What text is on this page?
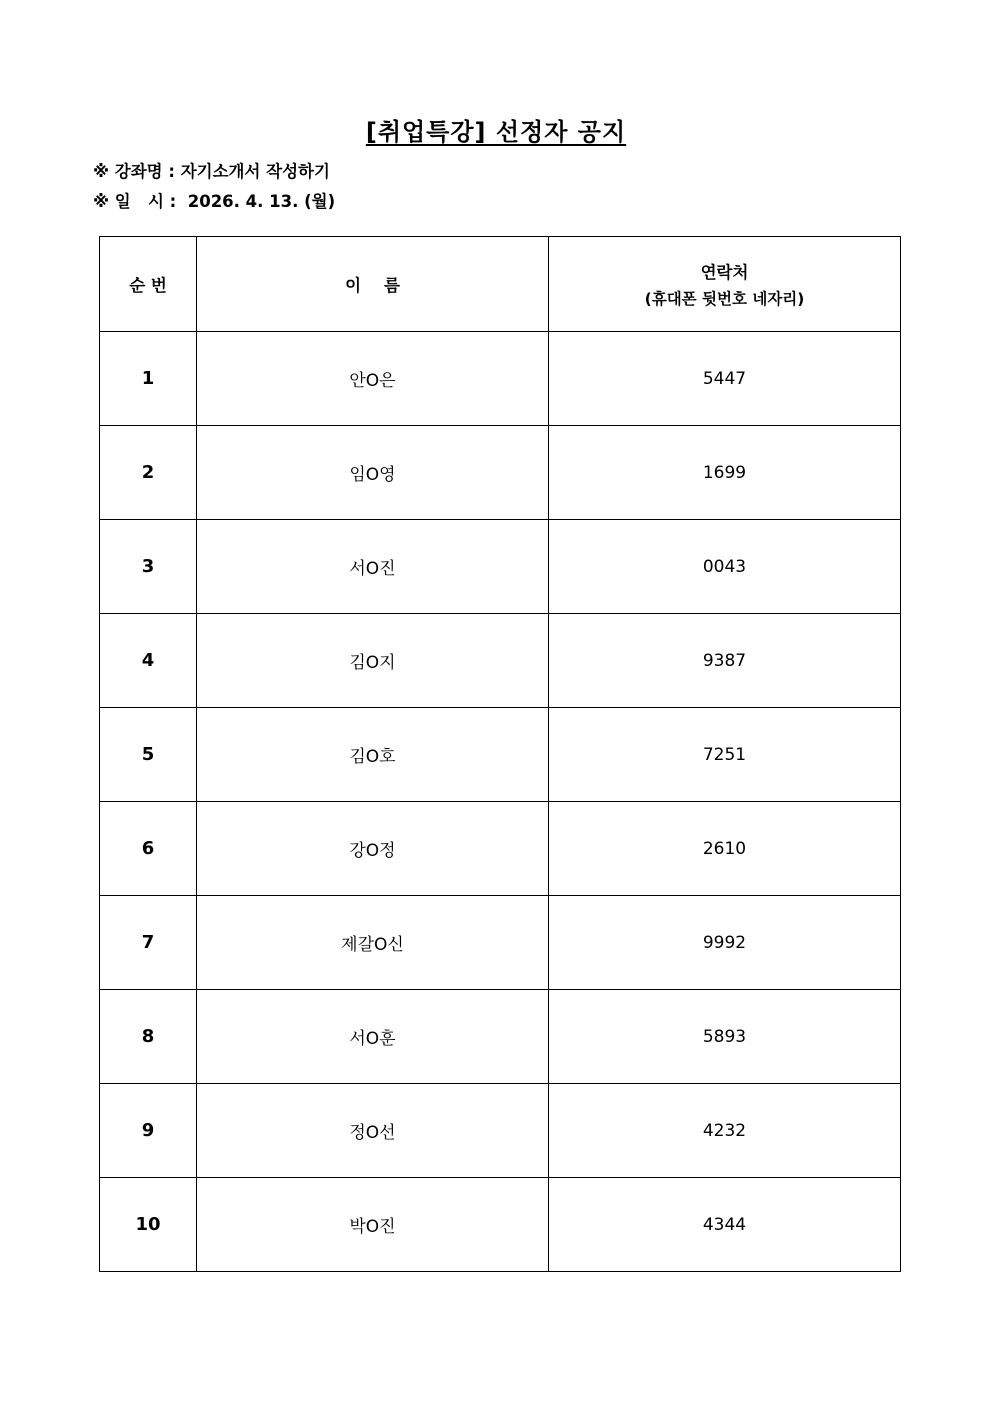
[취업특강] 선정자 공지
※ 강좌명 : 자기소개서 작성하기
※ 일   시 :  2026. 4. 13. (월)
순 번	이    름	연락처
(휴대폰 뒷번호 네자리)

1	안O은	5447
2	임O영	1699
3	서O진	0043
4	김O지	9387
5	김O호	7251
6	강O정	2610
7	제갈O신	9992
8	서O훈	5893
9	정O선	4232
10	박O진	4344
